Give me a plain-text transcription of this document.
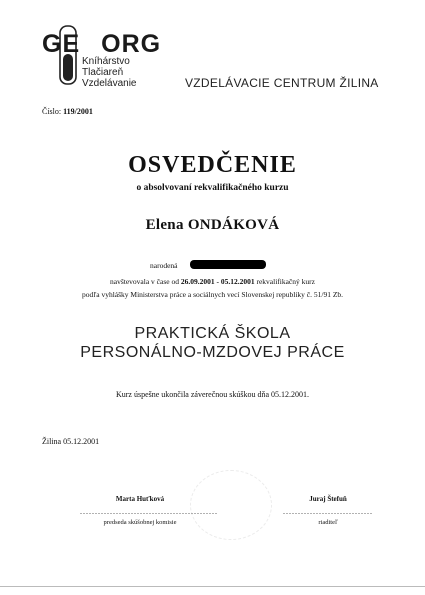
GE ORG
Kníhárstvo
Tlačiareň
Vzdelávanie	VZDELÁVACIE CENTRUM ŽILINA
Číslo: 119/2001
OSVEDČENIE
o absolvovaní rekvalifikačného kurzu
Elena ONDÁKOVÁ
narodená
navštevovala v čase od 26.09.2001 - 05.12.2001 rekvalifikačný kurz
podľa vyhlášky Ministerstva práce a sociálnych vecí Slovenskej republiky č. 51/91 Zb.
PRAKTICKÁ ŠKOLA
PERSONÁLNO-MZDOVEJ PRÁCE
Kurz úspešne ukončila záverečnou skúškou dňa 05.12.2001.
Žilina 05.12.2001
Marta Huťková
..............................................
predseda skúšobnej komisie
Juraj Štefuň
..............................
riaditeľ
